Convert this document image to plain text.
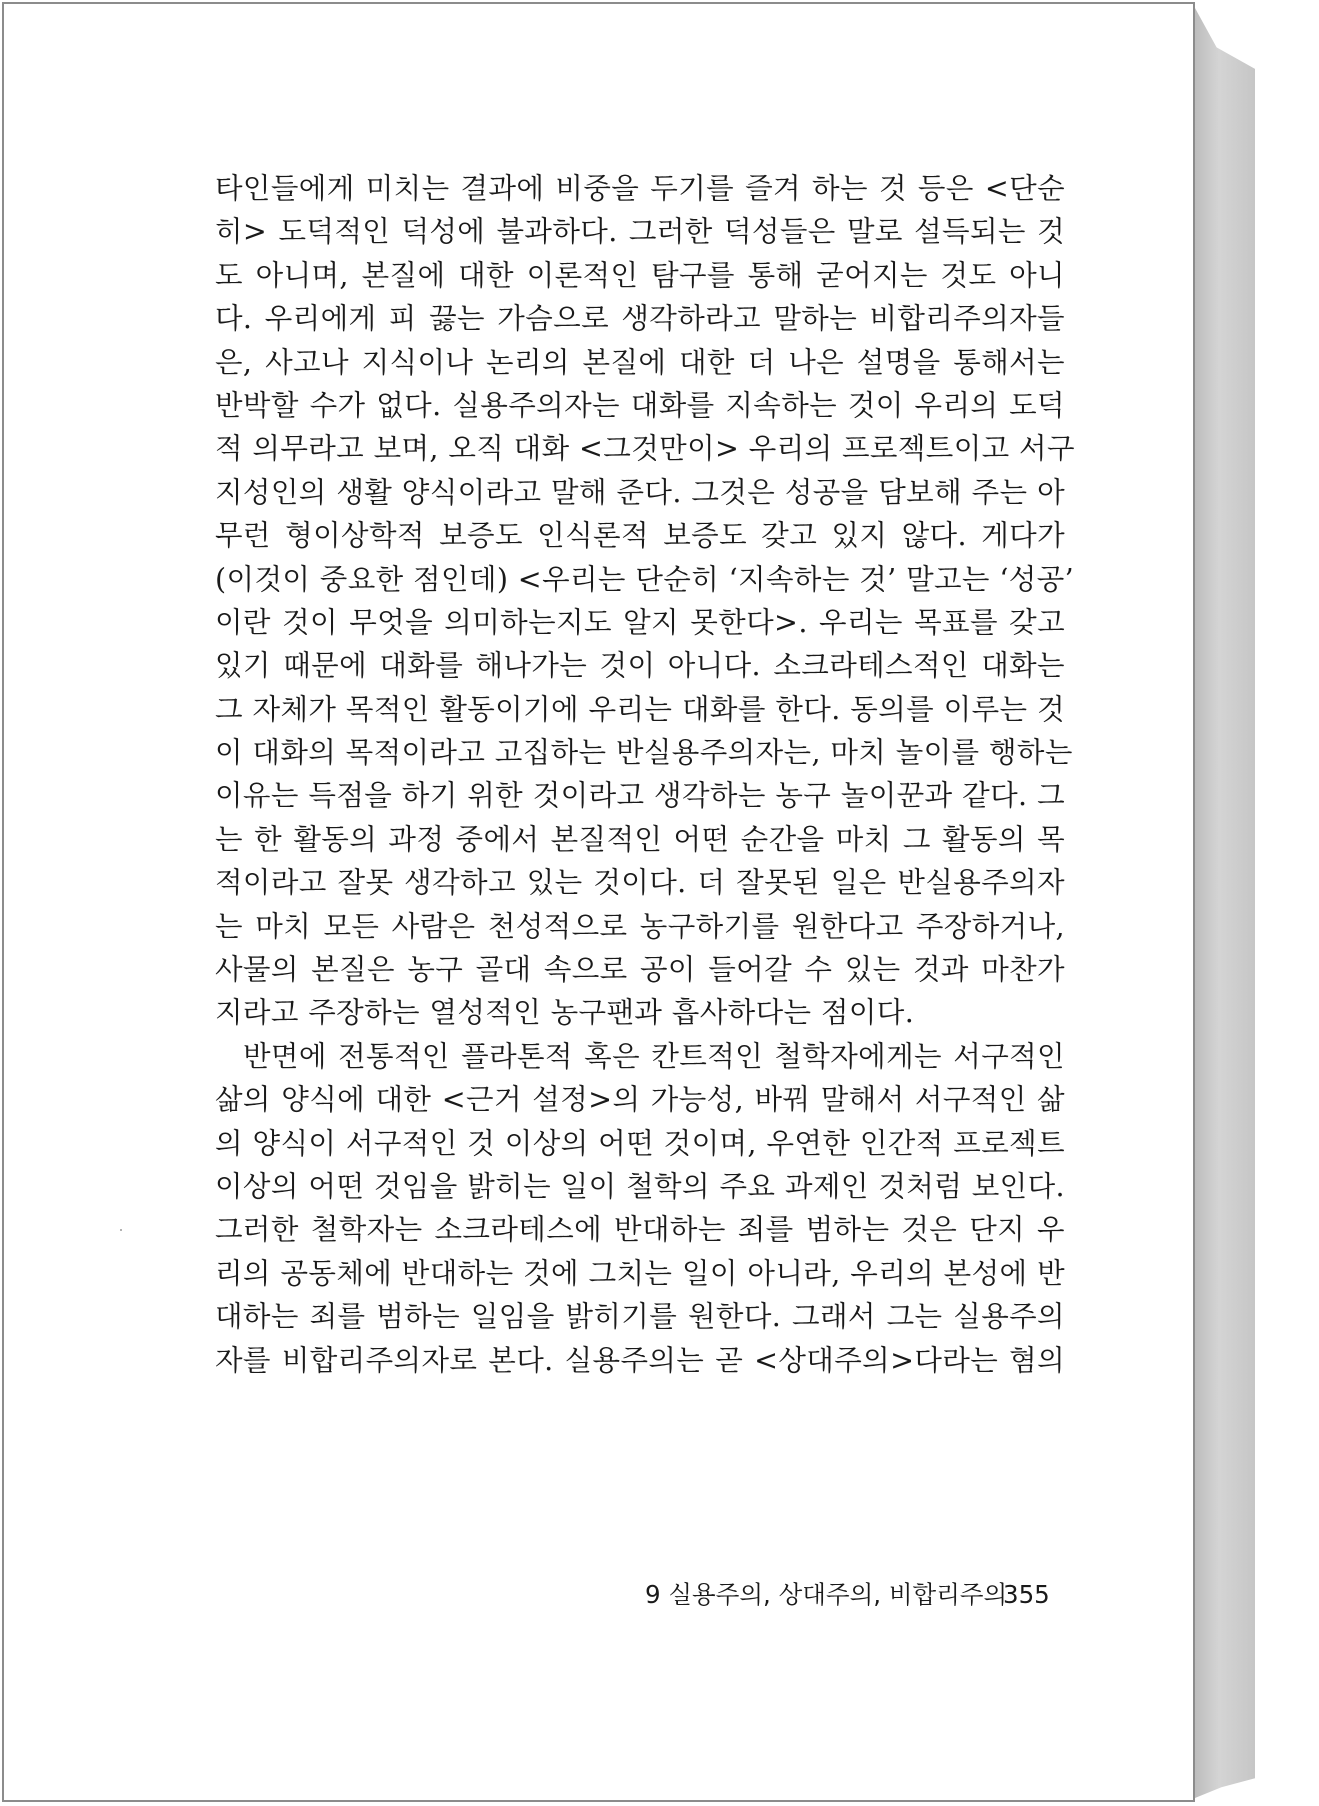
타인들에게 미치는 결과에 비중을 두기를 즐겨 하는 것 등은 <단순
히> 도덕적인 덕성에 불과하다. 그러한 덕성들은 말로 설득되는 것
도 아니며, 본질에 대한 이론적인 탐구를 통해 굳어지는 것도 아니
다. 우리에게 피 끓는 가슴으로 생각하라고 말하는 비합리주의자들
은, 사고나 지식이나 논리의 본질에 대한 더 나은 설명을 통해서는
반박할 수가 없다. 실용주의자는 대화를 지속하는 것이 우리의 도덕
적 의무라고 보며, 오직 대화 <그것만이> 우리의 프로젝트이고 서구
지성인의 생활 양식이라고 말해 준다. 그것은 성공을 담보해 주는 아
무런 형이상학적 보증도 인식론적 보증도 갖고 있지 않다. 게다가
(이것이 중요한 점인데) <우리는 단순히 ‘지속하는 것’ 말고는 ‘성공’
이란 것이 무엇을 의미하는지도 알지 못한다>. 우리는 목표를 갖고
있기 때문에 대화를 해나가는 것이 아니다. 소크라테스적인 대화는
그 자체가 목적인 활동이기에 우리는 대화를 한다. 동의를 이루는 것
이 대화의 목적이라고 고집하는 반실용주의자는, 마치 놀이를 행하는
이유는 득점을 하기 위한 것이라고 생각하는 농구 놀이꾼과 같다. 그
는 한 활동의 과정 중에서 본질적인 어떤 순간을 마치 그 활동의 목
적이라고 잘못 생각하고 있는 것이다. 더 잘못된 일은 반실용주의자
는 마치 모든 사람은 천성적으로 농구하기를 원한다고 주장하거나,
사물의 본질은 농구 골대 속으로 공이 들어갈 수 있는 것과 마찬가
지라고 주장하는 열성적인 농구팬과 흡사하다는 점이다.
반면에 전통적인 플라톤적 혹은 칸트적인 철학자에게는 서구적인
삶의 양식에 대한 <근거 설정>의 가능성, 바꿔 말해서 서구적인 삶
의 양식이 서구적인 것 이상의 어떤 것이며, 우연한 인간적 프로젝트
이상의 어떤 것임을 밝히는 일이 철학의 주요 과제인 것처럼 보인다.
그러한 철학자는 소크라테스에 반대하는 죄를 범하는 것은 단지 우
리의 공동체에 반대하는 것에 그치는 일이 아니라, 우리의 본성에 반
대하는 죄를 범하는 일임을 밝히기를 원한다. 그래서 그는 실용주의
자를 비합리주의자로 본다. 실용주의는 곧 <상대주의>다라는 혐의
9 실용주의, 상대주의, 비합리주의
355
